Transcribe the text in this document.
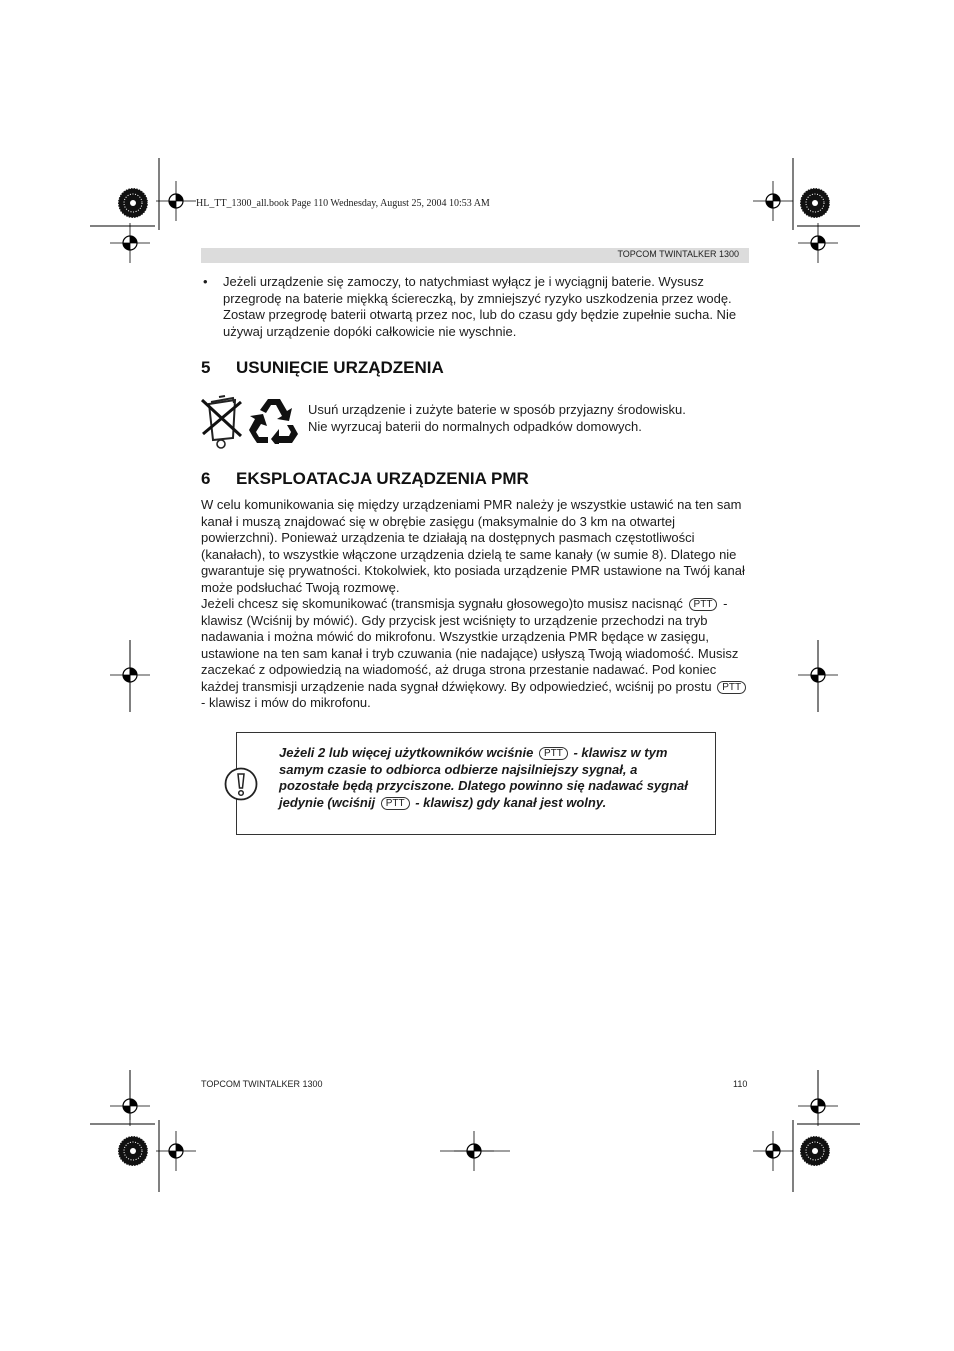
HL_TT_1300_all.book Page 110 Wednesday, August 25, 2004 10:53 AM
TOPCOM TWINTALKER 1300
• Jeżeli urządzenie się zamoczy, to natychmiast wyłącz je i wyciągnij baterie. Wysusz przegrodę na baterie miękką ściereczką, by zmniejszyć ryzyko uszkodzenia przez wodę. Zostaw przegrodę baterii otwartą przez noc, lub do czasu gdy będzie zupełnie sucha. Nie używaj urządzenie dopóki całkowicie nie wyschnie.
5 USUNIĘCIE URZĄDZENIA
Usuń urządzenie i zużyte baterie w sposób przyjazny środowisku.
Nie wyrzucaj baterii do normalnych odpadków domowych.
6 EKSPLOATACJA URZĄDZENIA PMR
W celu komunikowania się między urządzeniami PMR należy je wszystkie ustawić na ten sam kanał i muszą znajdować się w obrębie zasięgu (maksymalnie do 3 km na otwartej powierzchni). Ponieważ urządzenia te działają na dostępnych pasmach częstotliwości (kanałach), to wszystkie włączone urządzenia dzielą te same kanały (w sumie 8). Dlatego nie gwarantuje się prywatności. Ktokolwiek, kto posiada urządzenie PMR ustawione na Twój kanał może podsłuchać Twoją rozmowę.
Jeżeli chcesz się skomunikować (transmisja sygnału głosowego)to musisz nacisnąć PTT - klawisz (Wciśnij by mówić). Gdy przycisk jest wciśnięty to urządzenie przechodzi na tryb nadawania i można mówić do mikrofonu. Wszystkie urządzenia PMR będące w zasięgu, ustawione na ten sam kanał i tryb czuwania (nie nadające) usłyszą Twoją wiadomość. Musisz zaczekać z odpowiedzią na wiadomość, aż druga strona przestanie nadawać. Pod koniec każdej transmisji urządzenie nada sygnał dźwiękowy. By odpowiedzieć, wciśnij po prostu PTT - klawisz i mów do mikrofonu.
Jeżeli 2 lub więcej użytkowników wciśnie PTT - klawisz w tym samym czasie to odbiorca odbierze najsilniejszy sygnał, a pozostałe będą przyciszone. Dlatego powinno się nadawać sygnał jedynie (wciśnij PTT - klawisz) gdy kanał jest wolny.
TOPCOM TWINTALKER 1300	110
